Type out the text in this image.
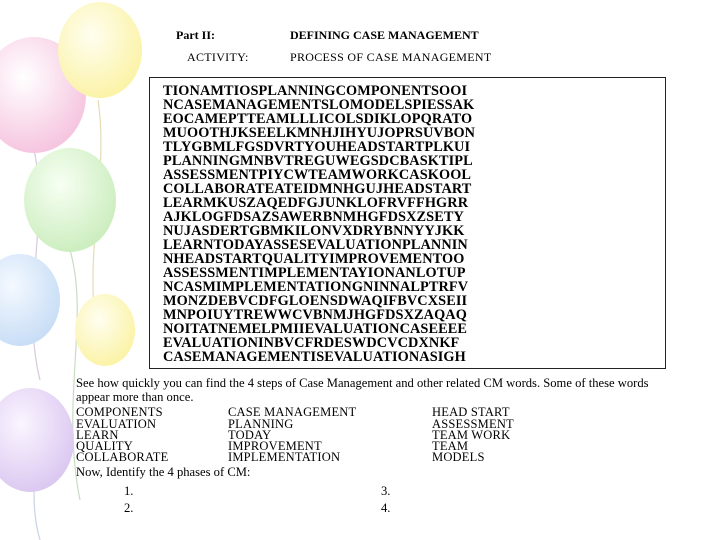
Part II:	DEFINING CASE MANAGEMENT
ACTIVITY:	PROCESS OF CASE MANAGEMENT
TIONAMTIOSPLANNINGCOMPONENTSOOI
NCASEMANAGEMENTSLOMODELSPIESSAK
EOCAMEPTTEAMLLLICOLSDIKLOPQRATO
MUOOTHJKSEELKMNHJIHYUJOPRSUVBON
TLYGBMLFGSDVRTYOUHEADSTARTPLKUI
PLANNINGMNBVTREGUWEGSDCBASKTIPL
ASSESSMENTPIYCWTEAMWORKCASKOOL
COLLABORATEATEIDMNHGUJHEADSTART
LEARMKUSZAQEDFGJUNKLOFRVFFHGRR
AJKLOGFDSAZSAWERBNMHGFDSXZSETY
NUJASDERTGBMKILONVXDRYBNNYYJKK
LEARNTODAYASSESEVALUATIONPLANNIN
NHEADSTARTQUALITYIMPROVEMENTOO
ASSESSMENTIMPLEMENTAYIONANLOTUP
NCASMIMPLEMENTATIONGNINNALPTRFV
MONZDEBVCDFGLOENSDWAQIFBVCXSEII
MNPOIUYTREWWCVBNMJHGFDSXZAQAQ
NOITATNEMELPMIIEVALUATIONCASEEEE
EVALUATIONINBVCFRDESWDCVCDXNKF
CASEMANAGEMENTISEVALUATIONASIGH
See how quickly you can find the 4 steps of Case Management and other related CM words. Some of these words appear more than once.
COMPONENTS
EVALUATION
LEARN
QUALITY
COLLABORATE
CASE MANAGEMENT
PLANNING
TODAY
IMPROVEMENT
IMPLEMENTATION
HEAD START
ASSESSMENT
TEAM WORK
TEAM
MODELS
Now, Identify the 4 phases of CM:
1.
2.
3.
4.
